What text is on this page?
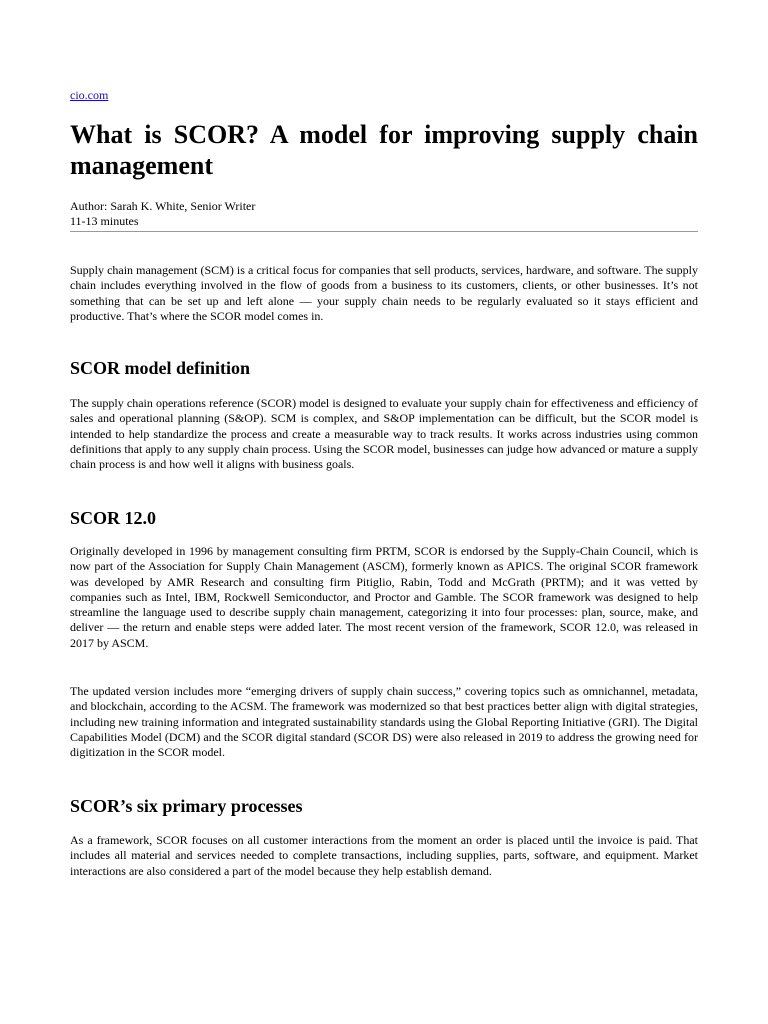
cio.com
What is SCOR? A model for improving supply chain management
Author: Sarah K. White, Senior Writer
11-13 minutes

Supply chain management (SCM) is a critical focus for companies that sell products, services, hardware, and software. The supply chain includes everything involved in the flow of goods from a business to its customers, clients, or other businesses. It’s not something that can be set up and left alone — your supply chain needs to be regularly evaluated so it stays efficient and productive. That’s where the SCOR model comes in.

SCOR model definition

The supply chain operations reference (SCOR) model is designed to evaluate your supply chain for effectiveness and efficiency of sales and operational planning (S&OP). SCM is complex, and S&OP implementation can be difficult, but the SCOR model is intended to help standardize the process and create a measurable way to track results. It works across industries using common definitions that apply to any supply chain process. Using the SCOR model, businesses can judge how advanced or mature a supply chain process is and how well it aligns with business goals.

SCOR 12.0

Originally developed in 1996 by management consulting firm PRTM, SCOR is endorsed by the Supply-Chain Council, which is now part of the Association for Supply Chain Management (ASCM), formerly known as APICS. The original SCOR framework was developed by AMR Research and consulting firm Pitiglio, Rabin, Todd and McGrath (PRTM); and it was vetted by companies such as Intel, IBM, Rockwell Semiconductor, and Proctor and Gamble. The SCOR framework was designed to help streamline the language used to describe supply chain management, categorizing it into four processes: plan, source, make, and deliver — the return and enable steps were added later. The most recent version of the framework, SCOR 12.0, was released in 2017 by ASCM.

The updated version includes more “emerging drivers of supply chain success,” covering topics such as omnichannel, metadata, and blockchain, according to the ACSM. The framework was modernized so that best practices better align with digital strategies, including new training information and integrated sustainability standards using the Global Reporting Initiative (GRI). The Digital Capabilities Model (DCM) and the SCOR digital standard (SCOR DS) were also released in 2019 to address the growing need for digitization in the SCOR model.

SCOR’s six primary processes

As a framework, SCOR focuses on all customer interactions from the moment an order is placed until the invoice is paid. That includes all material and services needed to complete transactions, including supplies, parts, software, and equipment. Market interactions are also considered a part of the model because they help establish demand.
